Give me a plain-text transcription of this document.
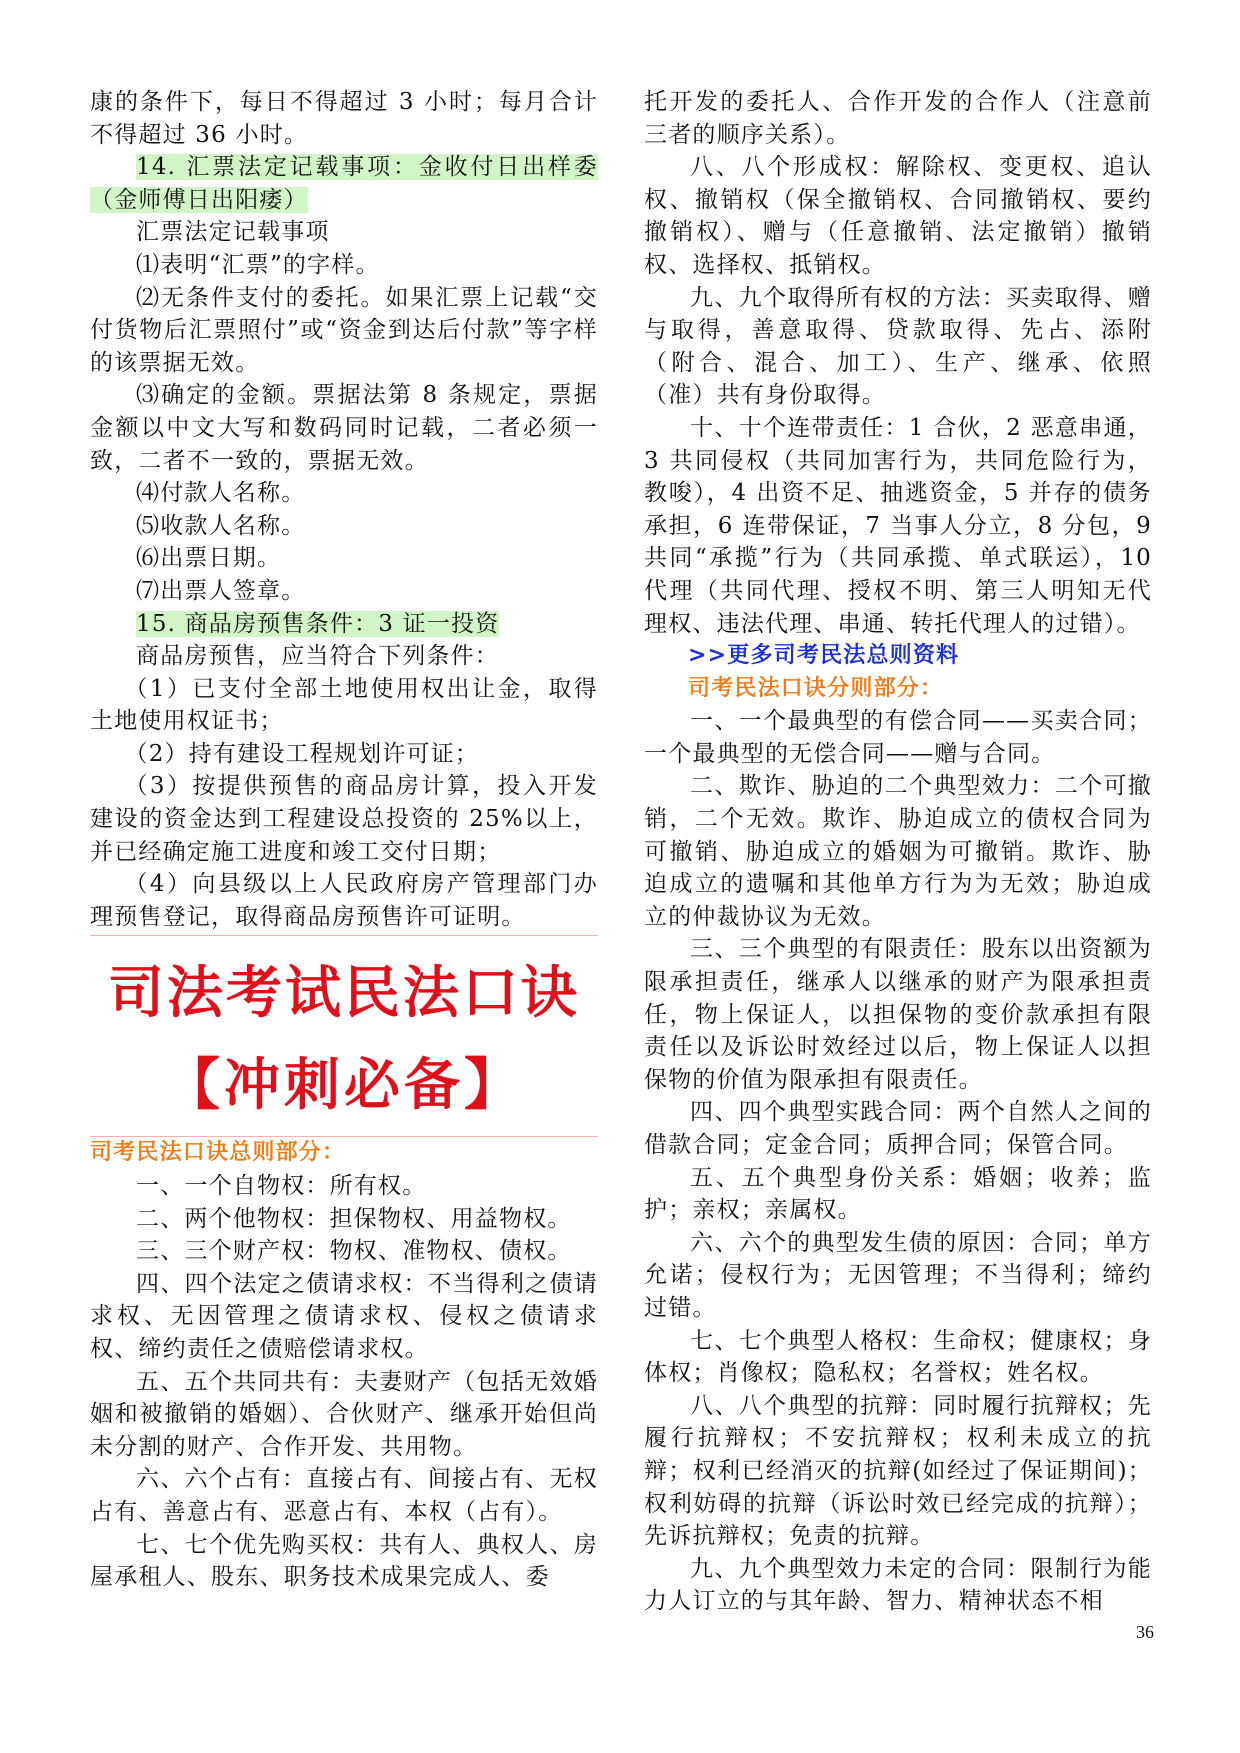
康的条件下，每日不得超过 3 小时；每月合计不得超过 36 小时。

14. 汇票法定记载事项：金收付日出样委（金师傅日出阳痿）

汇票法定记载事项

⑴表明“汇票”的字样。

⑵无条件支付的委托。如果汇票上记载“交付货物后汇票照付”或“资金到达后付款”等字样的该票据无效。

⑶确定的金额。票据法第 8 条规定，票据金额以中文大写和数码同时记载，二者必须一致，二者不一致的，票据无效。

⑷付款人名称。

⑸收款人名称。

⑹出票日期。

⑺出票人签章。

15. 商品房预售条件：3 证一投资

商品房预售，应当符合下列条件：

（1）已支付全部土地使用权出让金，取得土地使用权证书；

（2）持有建设工程规划许可证；

（3）按提供预售的商品房计算，投入开发建设的资金达到工程建设总投资的 25%以上，并已经确定施工进度和竣工交付日期；

（4）向县级以上人民政府房产管理部门办理预售登记，取得商品房预售许可证明。

司法考试民法口诀
【冲刺必备】

司考民法口诀总则部分：

一、一个自物权：所有权。

二、两个他物权：担保物权、用益物权。

三、三个财产权：物权、准物权、债权。

四、四个法定之债请求权：不当得利之债请求权、无因管理之债请求权、侵权之债请求权、缔约责任之债赔偿请求权。

五、五个共同共有：夫妻财产（包括无效婚姻和被撤销的婚姻）、合伙财产、继承开始但尚未分割的财产、合作开发、共用物。

六、六个占有：直接占有、间接占有、无权占有、善意占有、恶意占有、本权（占有）。

七、七个优先购买权：共有人、典权人、房屋承租人、股东、职务技术成果完成人、委

托开发的委托人、合作开发的合作人（注意前三者的顺序关系）。

八、八个形成权：解除权、变更权、追认权、撤销权（保全撤销权、合同撤销权、要约撤销权）、赠与（任意撤销、法定撤销）撤销权、选择权、抵销权。

九、九个取得所有权的方法：买卖取得、赠与取得，善意取得、贷款取得、先占、添附（附合、混合、加工）、生产、继承、依照（准）共有身份取得。

十、十个连带责任：1 合伙，2 恶意串通，3 共同侵权（共同加害行为，共同危险行为，教唆），4 出资不足、抽逃资金，5 并存的债务承担，6 连带保证，7 当事人分立，8 分包，9 共同“承揽”行为（共同承揽、单式联运），10 代理（共同代理、授权不明、第三人明知无代理权、违法代理、串通、转托代理人的过错）。

>>更多司考民法总则资料

司考民法口诀分则部分：

一、一个最典型的有偿合同——买卖合同；一个最典型的无偿合同——赠与合同。

二、欺诈、胁迫的二个典型效力：二个可撤销，二个无效。欺诈、胁迫成立的债权合同为可撤销、胁迫成立的婚姻为可撤销。欺诈、胁迫成立的遗嘱和其他单方行为为无效；胁迫成立的仲裁协议为无效。

三、三个典型的有限责任：股东以出资额为限承担责任，继承人以继承的财产为限承担责任，物上保证人，以担保物的变价款承担有限责任以及诉讼时效经过以后，物上保证人以担保物的价值为限承担有限责任。

四、四个典型实践合同：两个自然人之间的借款合同；定金合同；质押合同；保管合同。

五、五个典型身份关系：婚姻；收养；监护；亲权；亲属权。

六、六个的典型发生债的原因：合同；单方允诺；侵权行为；无因管理；不当得利；缔约过错。

七、七个典型人格权：生命权；健康权；身体权；肖像权；隐私权；名誉权；姓名权。

八、八个典型的抗辩：同时履行抗辩权；先履行抗辩权；不安抗辩权；权利未成立的抗辩；权利已经消灭的抗辩(如经过了保证期间)；权利妨碍的抗辩（诉讼时效已经完成的抗辩）；先诉抗辩权；免责的抗辩。

九、九个典型效力未定的合同：限制行为能力人订立的与其年龄、智力、精神状态不相

36
